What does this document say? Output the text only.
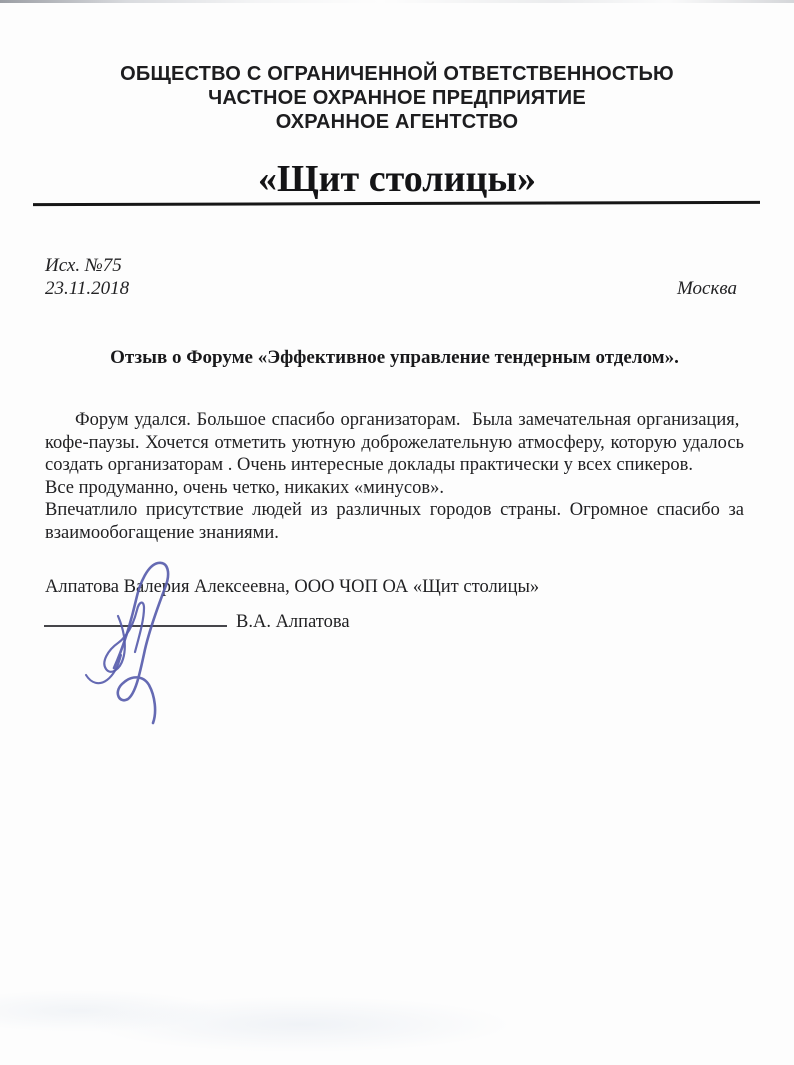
ОБЩЕСТВО С ОГРАНИЧЕННОЙ ОТВЕТСТВЕННОСТЬЮ
ЧАСТНОЕ ОХРАННОЕ ПРЕДПРИЯТИЕ
ОХРАННОЕ АГЕНТСТВО
«Щит столицы»
Исх. №75
23.11.2018	Москва
Отзыв о Форуме «Эффективное управление тендерным отделом».

Форум удался. Большое спасибо организаторам.  Была замечательная организация,  кофе-паузы. Хочется отметить уютную доброжелательную атмосферу, которую удалось создать организаторам . Очень интересные доклады практически у всех спикеров.

Все продуманно, очень четко, никаких «минусов».

Впечатлило присутствие людей из различных городов страны. Огромное спасибо за взаимообогащение знаниями.

Алпатова Валерия Алексеевна, ООО ЧОП ОА «Щит столицы»
В.А. Алпатова
